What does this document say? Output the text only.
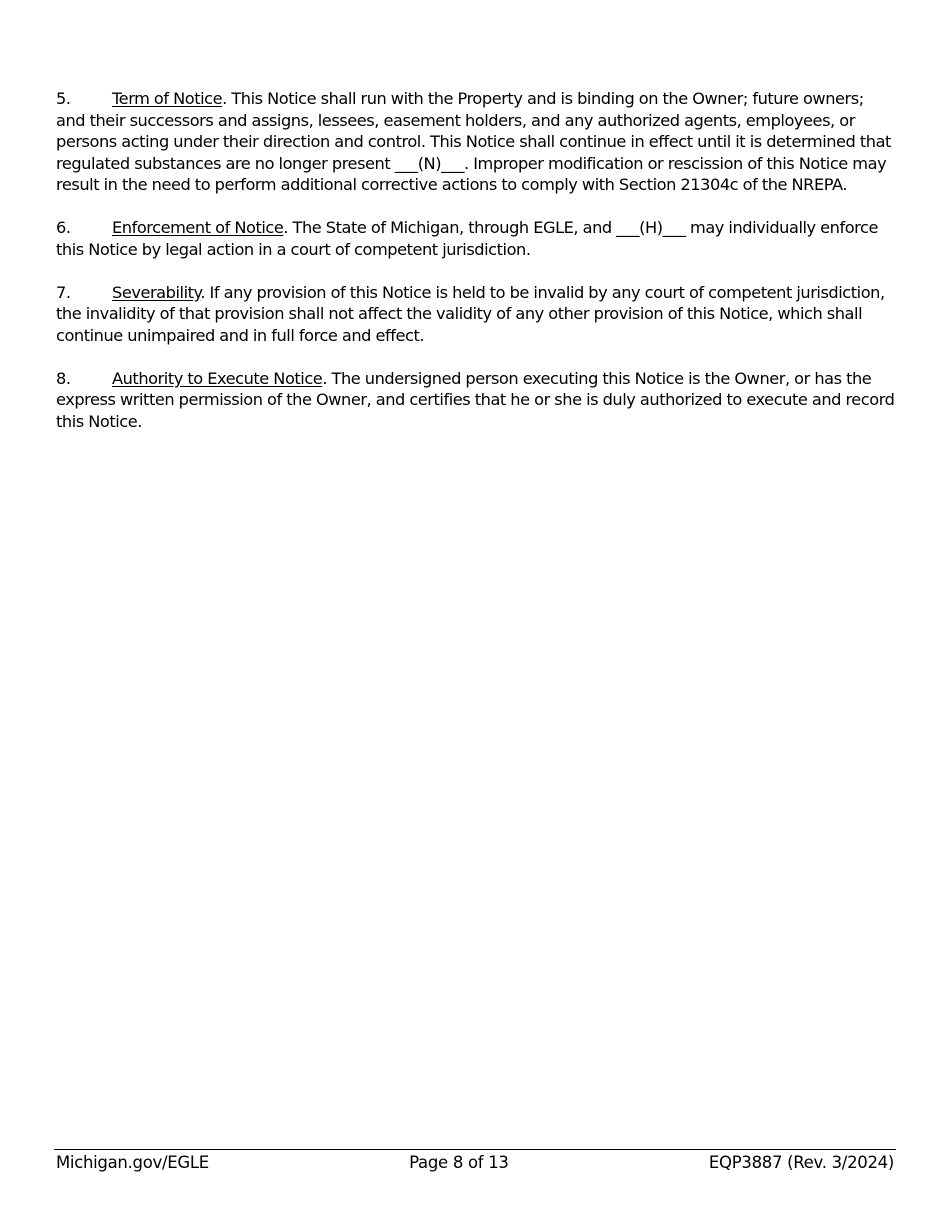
5.	Term of Notice. This Notice shall run with the Property and is binding on the Owner; future owners; and their successors and assigns, lessees, easement holders, and any authorized agents, employees, or persons acting under their direction and control. This Notice shall continue in effect until it is determined that regulated substances are no longer present ___(N)___. Improper modification or rescission of this Notice may result in the need to perform additional corrective actions to comply with Section 21304c of the NREPA.

6.	Enforcement of Notice. The State of Michigan, through EGLE, and ___(H)___ may individually enforce this Notice by legal action in a court of competent jurisdiction.

7.	Severability. If any provision of this Notice is held to be invalid by any court of competent jurisdiction, the invalidity of that provision shall not affect the validity of any other provision of this Notice, which shall continue unimpaired and in full force and effect.

8.	Authority to Execute Notice. The undersigned person executing this Notice is the Owner, or has the express written permission of the Owner, and certifies that he or she is duly authorized to execute and record this Notice.

Michigan.gov/EGLE	Page 8 of 13	EQP3887 (Rev. 3/2024)
